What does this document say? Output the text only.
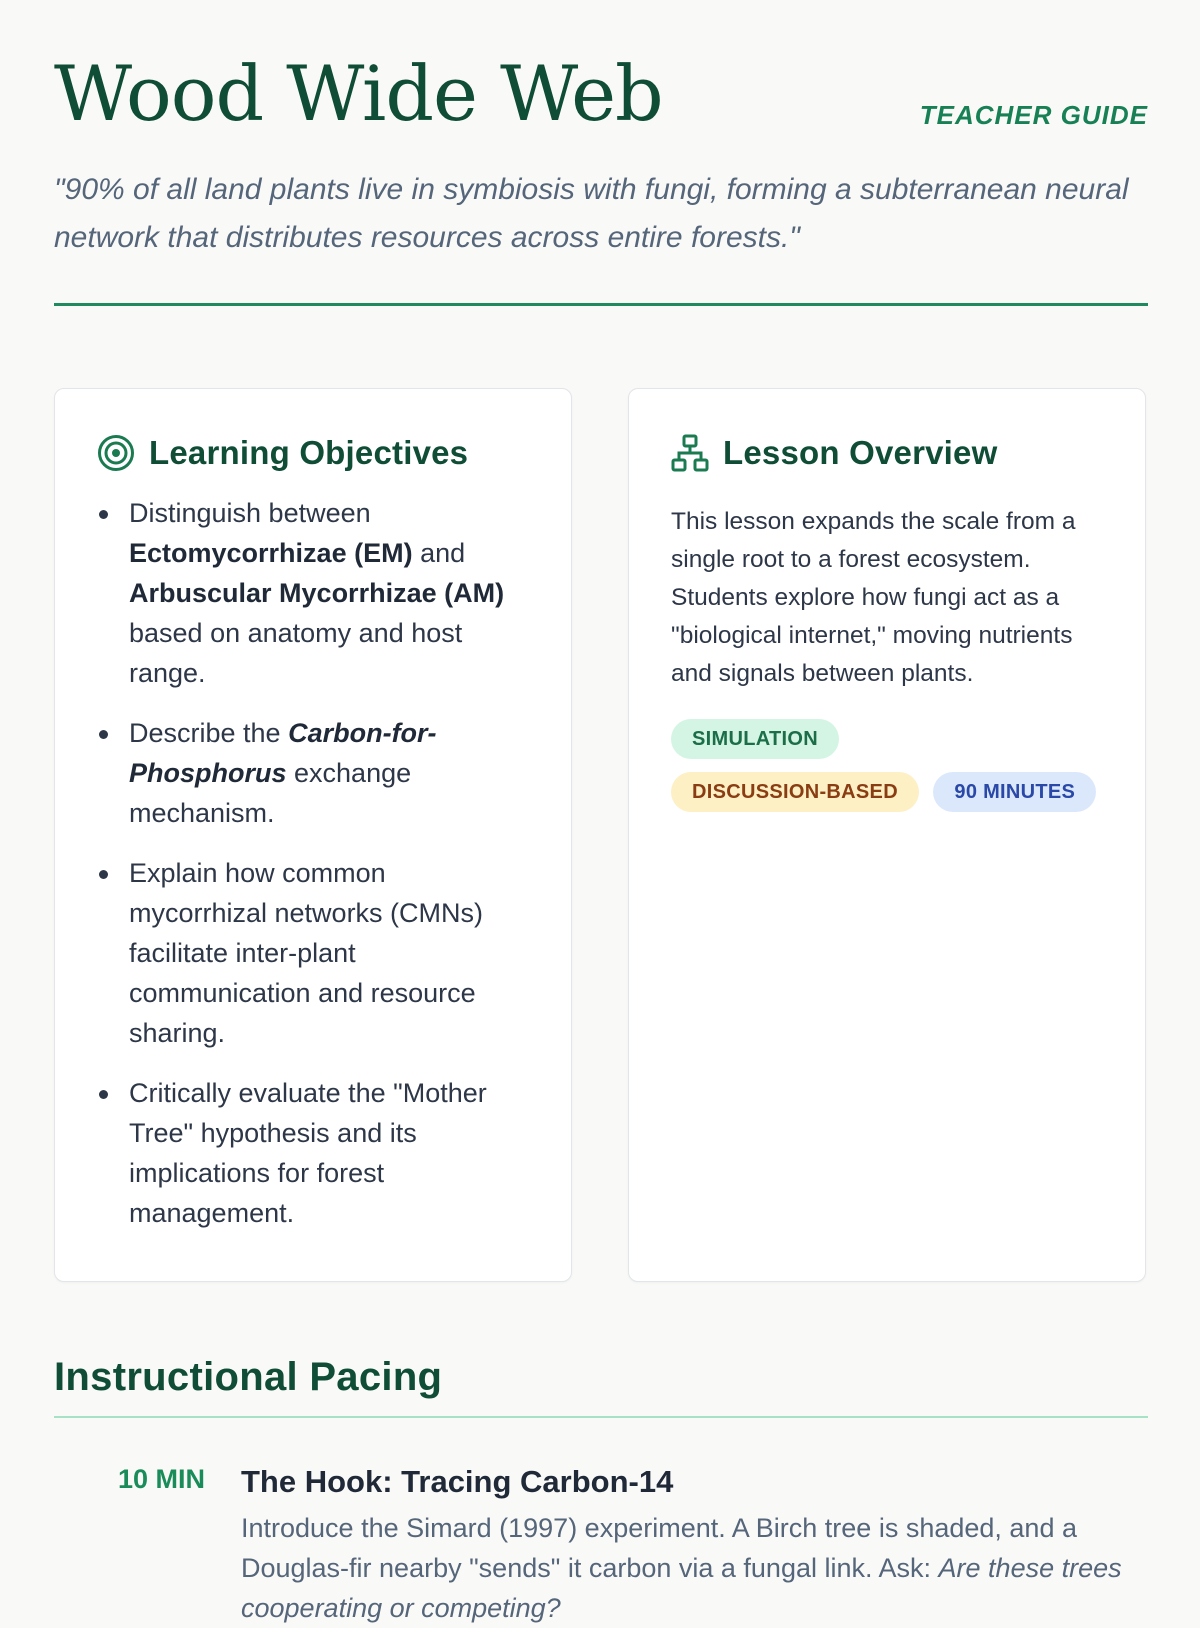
Wood Wide Web	TEACHER GUIDE

"90% of all land plants live in symbiosis with fungi, forming a subterranean neural network that distributes resources across entire forests."

Learning Objectives
Distinguish between Ectomycorrhizae (EM) and Arbuscular Mycorrhizae (AM) based on anatomy and host range.
Describe the Carbon-for-Phosphorus exchange mechanism.
Explain how common mycorrhizal networks (CMNs) facilitate inter-plant communication and resource sharing.
Critically evaluate the "Mother Tree" hypothesis and its implications for forest management.
Lesson Overview

This lesson expands the scale from a single root to a forest ecosystem. Students explore how fungi act as a "biological internet," moving nutrients and signals between plants.

SIMULATION DISCUSSION-BASED	90 MINUTES
Instructional Pacing
10 MIN The Hook: Tracing Carbon-14

Introduce the Simard (1997) experiment. A Birch tree is shaded, and a Douglas-fir nearby "sends" it carbon via a fungal link. Ask: Are these trees cooperating or competing?
